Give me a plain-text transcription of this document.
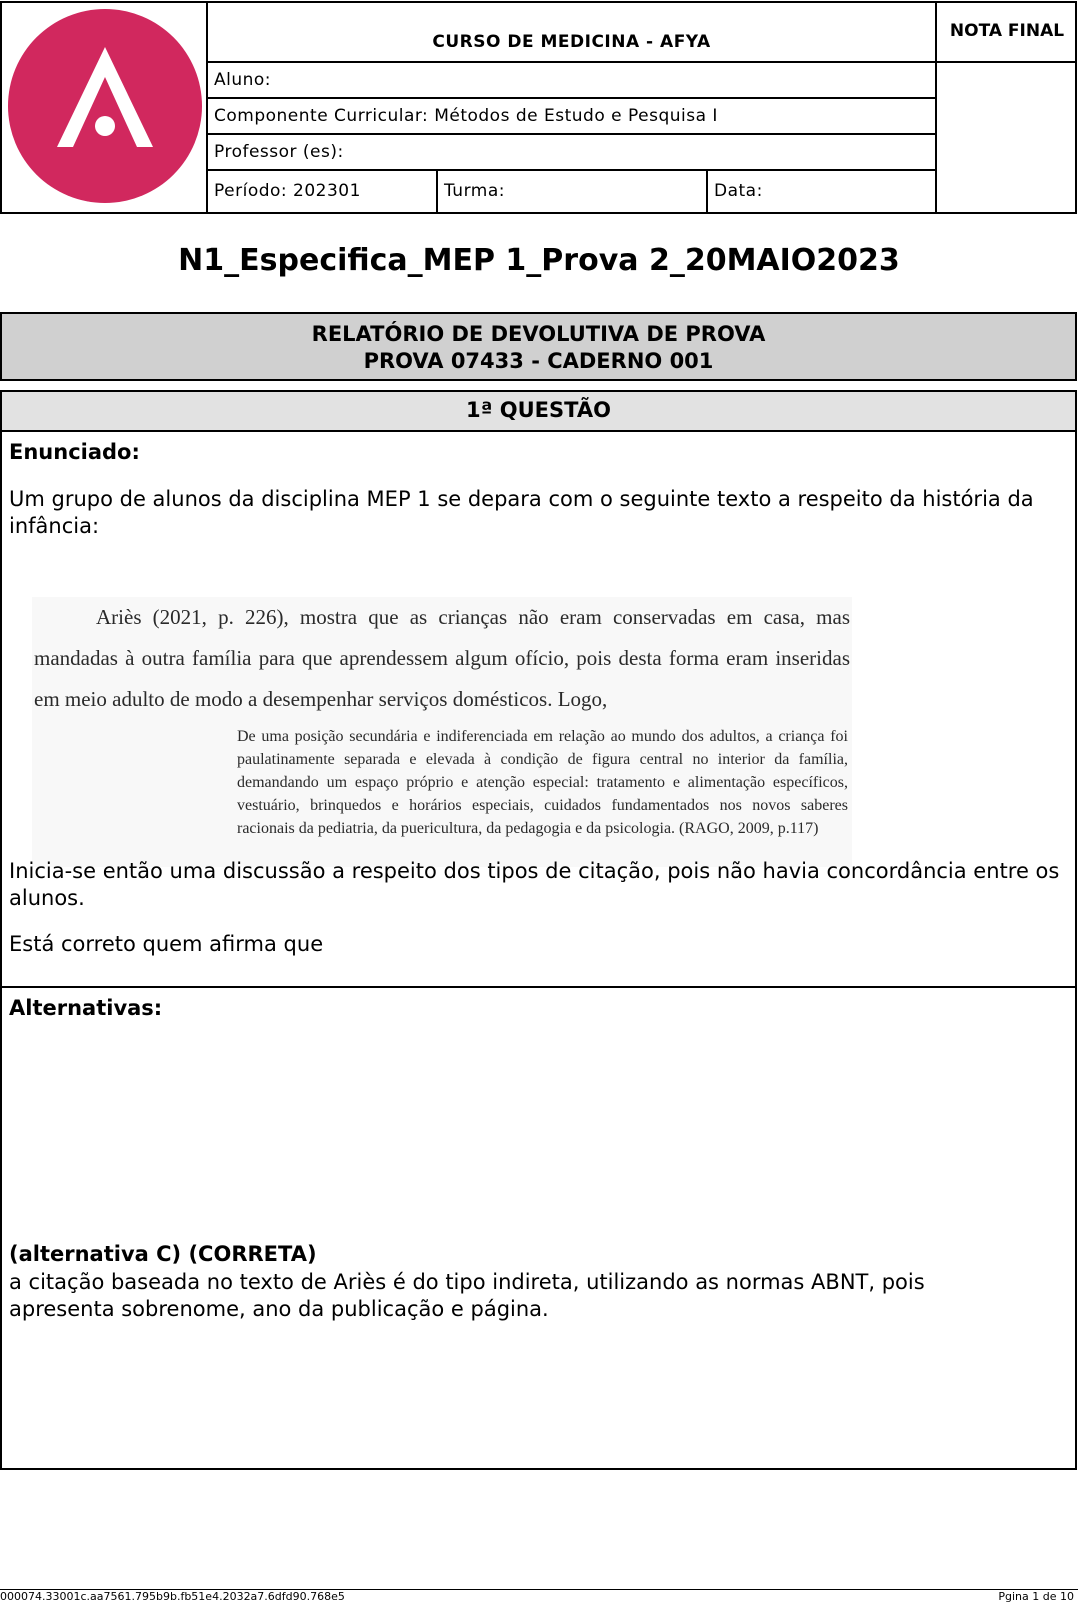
CURSO DE MEDICINA - AFYA
Aluno:
Componente Curricular: Métodos de Estudo e Pesquisa I
Professor (es):
Período: 202301	Turma:	Data:
NOTA FINAL
N1_Especifica_MEP 1_Prova 2_20MAIO2023
RELATÓRIO DE DEVOLUTIVA DE PROVA
PROVA 07433 - CADERNO 001
1ª QUESTÃO
Enunciado:
Um grupo de alunos da disciplina MEP 1 se depara com o seguinte texto a respeito da história da infância:
Ariès (2021, p. 226), mostra que as crianças não eram conservadas em casa, mas mandadas à outra família para que aprendessem algum ofício, pois desta forma eram inseridas em meio adulto de modo a desempenhar serviços domésticos. Logo,
De uma posição secundária e indiferenciada em relação ao mundo dos adultos, a criança foi paulatinamente separada e elevada à condição de figura central no interior da família, demandando um espaço próprio e atenção especial: tratamento e alimentação específicos, vestuário, brinquedos e horários especiais, cuidados fundamentados nos novos saberes racionais da pediatria, da puericultura, da pedagogia e da psicologia. (RAGO, 2009, p.117)
Inicia-se então uma discussão a respeito dos tipos de citação, pois não havia concordância entre os alunos.
Está correto quem afirma que
Alternativas:
(alternativa C) (CORRETA)
a citação baseada no texto de Ariès é do tipo indireta, utilizando as normas ABNT, pois apresenta sobrenome, ano da publicação e página.
000074.33001c.aa7561.795b9b.fb51e4.2032a7.6dfd90.768e5	Pgina 1 de 10
